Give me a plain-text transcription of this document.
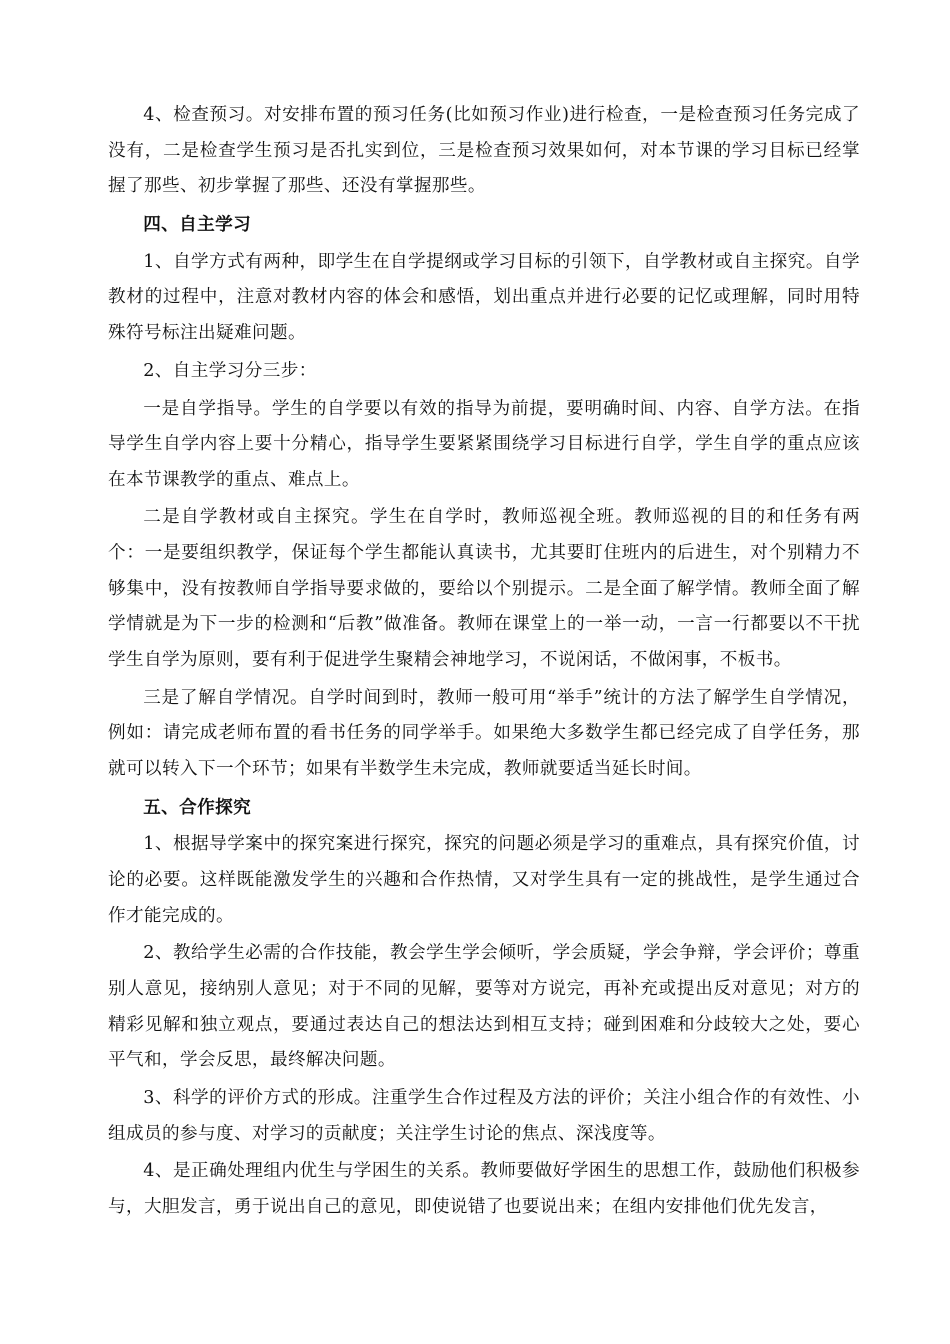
4、检查预习。对安排布置的预习任务(比如预习作业)进行检查，一是检查预习任务完成了没有，二是检查学生预习是否扎实到位，三是检查预习效果如何，对本节课的学习目标已经掌握了那些、初步掌握了那些、还没有掌握那些。

四、自主学习

1、自学方式有两种，即学生在自学提纲或学习目标的引领下，自学教材或自主探究。自学教材的过程中，注意对教材内容的体会和感悟，划出重点并进行必要的记忆或理解，同时用特殊符号标注出疑难问题。

2、自主学习分三步：

一是自学指导。学生的自学要以有效的指导为前提，要明确时间、内容、自学方法。在指导学生自学内容上要十分精心，指导学生要紧紧围绕学习目标进行自学，学生自学的重点应该在本节课教学的重点、难点上。

二是自学教材或自主探究。学生在自学时，教师巡视全班。教师巡视的目的和任务有两个：一是要组织教学，保证每个学生都能认真读书，尤其要盯住班内的后进生，对个别精力不够集中，没有按教师自学指导要求做的，要给以个别提示。二是全面了解学情。教师全面了解学情就是为下一步的检测和“后教”做准备。教师在课堂上的一举一动，一言一行都要以不干扰学生自学为原则，要有利于促进学生聚精会神地学习，不说闲话，不做闲事，不板书。

三是了解自学情况。自学时间到时，教师一般可用“举手”统计的方法了解学生自学情况，例如：请完成老师布置的看书任务的同学举手。如果绝大多数学生都已经完成了自学任务，那就可以转入下一个环节；如果有半数学生未完成，教师就要适当延长时间。

五、合作探究

1、根据导学案中的探究案进行探究，探究的问题必须是学习的重难点，具有探究价值，讨论的必要。这样既能激发学生的兴趣和合作热情，又对学生具有一定的挑战性，是学生通过合作才能完成的。

2、教给学生必需的合作技能，教会学生学会倾听，学会质疑，学会争辩，学会评价；尊重别人意见，接纳别人意见；对于不同的见解，要等对方说完，再补充或提出反对意见；对方的精彩见解和独立观点，要通过表达自己的想法达到相互支持；碰到困难和分歧较大之处，要心平气和，学会反思，最终解决问题。

3、科学的评价方式的形成。注重学生合作过程及方法的评价；关注小组合作的有效性、小组成员的参与度、对学习的贡献度；关注学生讨论的焦点、深浅度等。

4、是正确处理组内优生与学困生的关系。教师要做好学困生的思想工作，鼓励他们积极参与，大胆发言，勇于说出自己的意见，即使说错了也要说出来；在组内安排他们优先发言，
